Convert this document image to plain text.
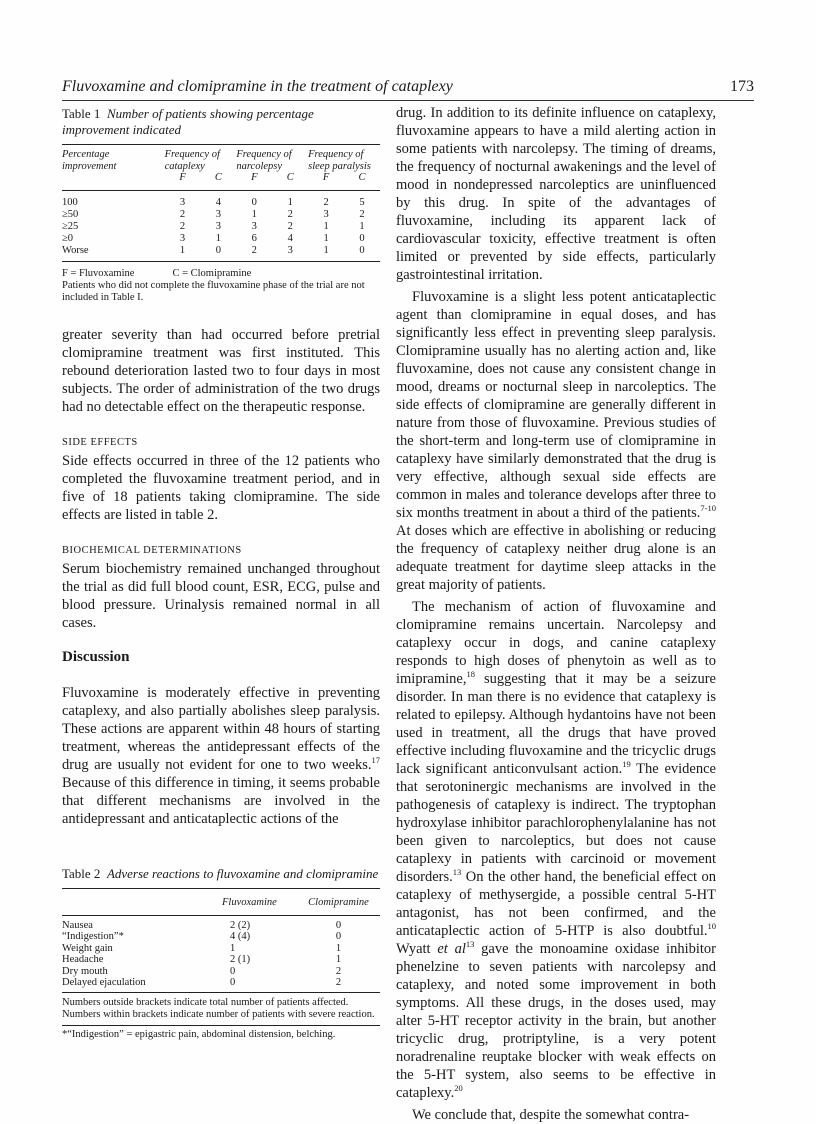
Fluvoxamine and clomipramine in the treatment of cataplexy	173

Table 1 Number of patients showing percentage improvement indicated

Percentage improvement	Frequency of cataplexy		Frequency of narcolepsy		Frequency of sleep paralysis	
	F	C	F	C	F	C
100	3	4	0	1	2	5
≥50	2	3	1	2	3	2
≥25	2	3	3	2	1	1
≥0	3	1	6	4	1	0
Worse	1	0	2	3	1	0
F = Fluvoxamine	C = Clomipramine
Patients who did not complete the fluvoxamine phase of the trial are not included in Table I.

greater severity than had occurred before pretrial clomipramine treatment was first instituted. This rebound deterioration lasted two to four days in most subjects. The order of administration of the two drugs had no detectable effect on the therapeutic response.

SIDE EFFECTS

Side effects occurred in three of the 12 patients who completed the fluvoxamine treatment period, and in five of 18 patients taking clomipramine. The side effects are listed in table 2.

BIOCHEMICAL DETERMINATIONS

Serum biochemistry remained unchanged throughout the trial as did full blood count, ESR, ECG, pulse and blood pressure. Urinalysis remained normal in all cases.

Discussion

Fluvoxamine is moderately effective in preventing cataplexy, and also partially abolishes sleep paralysis. These actions are apparent within 48 hours of starting treatment, whereas the antidepressant effects of the drug are usually not evident for one to two weeks.$^{17}$ Because of this difference in timing, it seems probable that different mechanisms are involved in the antidepressant and anticataplectic actions of the

Table 2 Adverse reactions to fluvoxamine and clomipramine

	Fluvoxamine	Clomipramine
Nausea	2 (2)	0
“Indigestion”*	4 (4)	0
Weight gain	1	1
Headache	2 (1)	1
Dry mouth	0	2
Delayed ejaculation	0	2

Numbers outside brackets indicate total number of patients affected. Numbers within brackets indicate number of patients with severe reaction.

*“Indigestion” = epigastric pain, abdominal distension, belching.

drug. In addition to its definite influence on cataplexy, fluvoxamine appears to have a mild alerting action in some patients with narcolepsy. The timing of dreams, the frequency of nocturnal awakenings and the level of mood in nondepressed narcoleptics are uninfluenced by this drug. In spite of the advantages of fluvoxamine, including its apparent lack of cardiovascular toxicity, effective treatment is often limited or prevented by side effects, particularly gastrointestinal irritation.

Fluvoxamine is a slight less potent anticataplectic agent than clomipramine in equal doses, and has significantly less effect in preventing sleep paralysis. Clomipramine usually has no alerting action and, like fluvoxamine, does not cause any consistent change in mood, dreams or nocturnal sleep in narcoleptics. The side effects of clomipramine are generally different in nature from those of fluvoxamine. Previous studies of the short-term and long-term use of clomipramine in cataplexy have similarly demonstrated that the drug is very effective, although sexual side effects are common in males and tolerance develops after three to six months treatment in about a third of the patients.$^{7-10}$ At doses which are effective in abolishing or reducing the frequency of cataplexy neither drug alone is an adequate treatment for daytime sleep attacks in the great majority of patients.

The mechanism of action of fluvoxamine and clomipramine remains uncertain. Narcolepsy and cataplexy occur in dogs, and canine cataplexy responds to high doses of phenytoin as well as to imipramine,$^{18}$ suggesting that it may be a seizure disorder. In man there is no evidence that cataplexy is related to epilepsy. Although hydantoins have not been used in treatment, all the drugs that have proved effective including fluvoxamine and the tricyclic drugs lack significant anticonvulsant action.$^{19}$ The evidence that serotoninergic mechanisms are involved in the pathogenesis of cataplexy is indirect. The tryptophan hydroxylase inhibitor parachlorophenylalanine has not been given to narcoleptics, but does not cause cataplexy in patients with carcinoid or movement disorders.$^{13}$ On the other hand, the beneficial effect on cataplexy of methysergide, a possible central 5-HT antagonist, has not been confirmed, and the anticataplectic action of 5-HTP is also doubtful.$^{10}$ Wyatt et $al^{13}$ gave the monoamine oxidase inhibitor phenelzine to seven patients with narcolepsy and cataplexy, and noted some improvement in both symptoms. All these drugs, in the doses used, may alter 5-HT receptor activity in the brain, but another tricyclic drug, protriptyline, is a very potent noradrenaline reuptake blocker with weak effects on the 5-HT system, also seems to be effective in cataplexy.$^{20}$

We conclude that, despite the somewhat contra-
